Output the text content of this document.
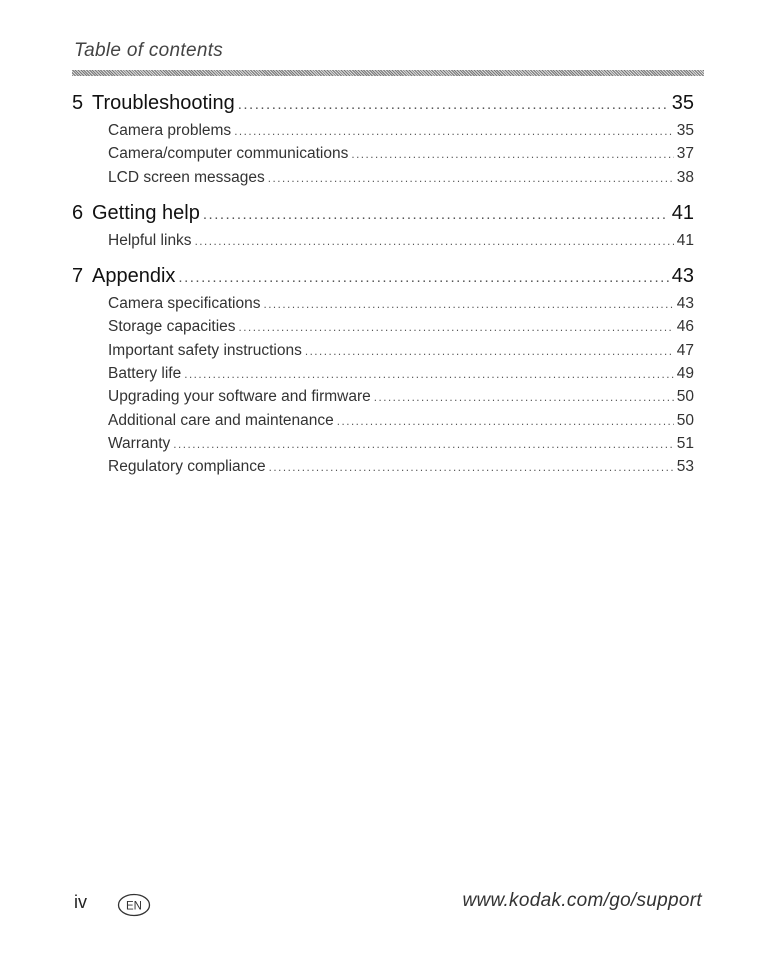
Table of contents
5 Troubleshooting .....	35
Camera problems .....	35
Camera/computer communications .....	37
LCD screen messages .....	38
6 Getting help .....	41
Helpful links .....	41
7 Appendix .....	43
Camera specifications .....	43
Storage capacities .....	46
Important safety instructions .....	47
Battery life .....	49
Upgrading your software and firmware .....	50
Additional care and maintenance .....	50
Warranty .....	51
Regulatory compliance .....	53
iv	EN	www.kodak.com/go/support
